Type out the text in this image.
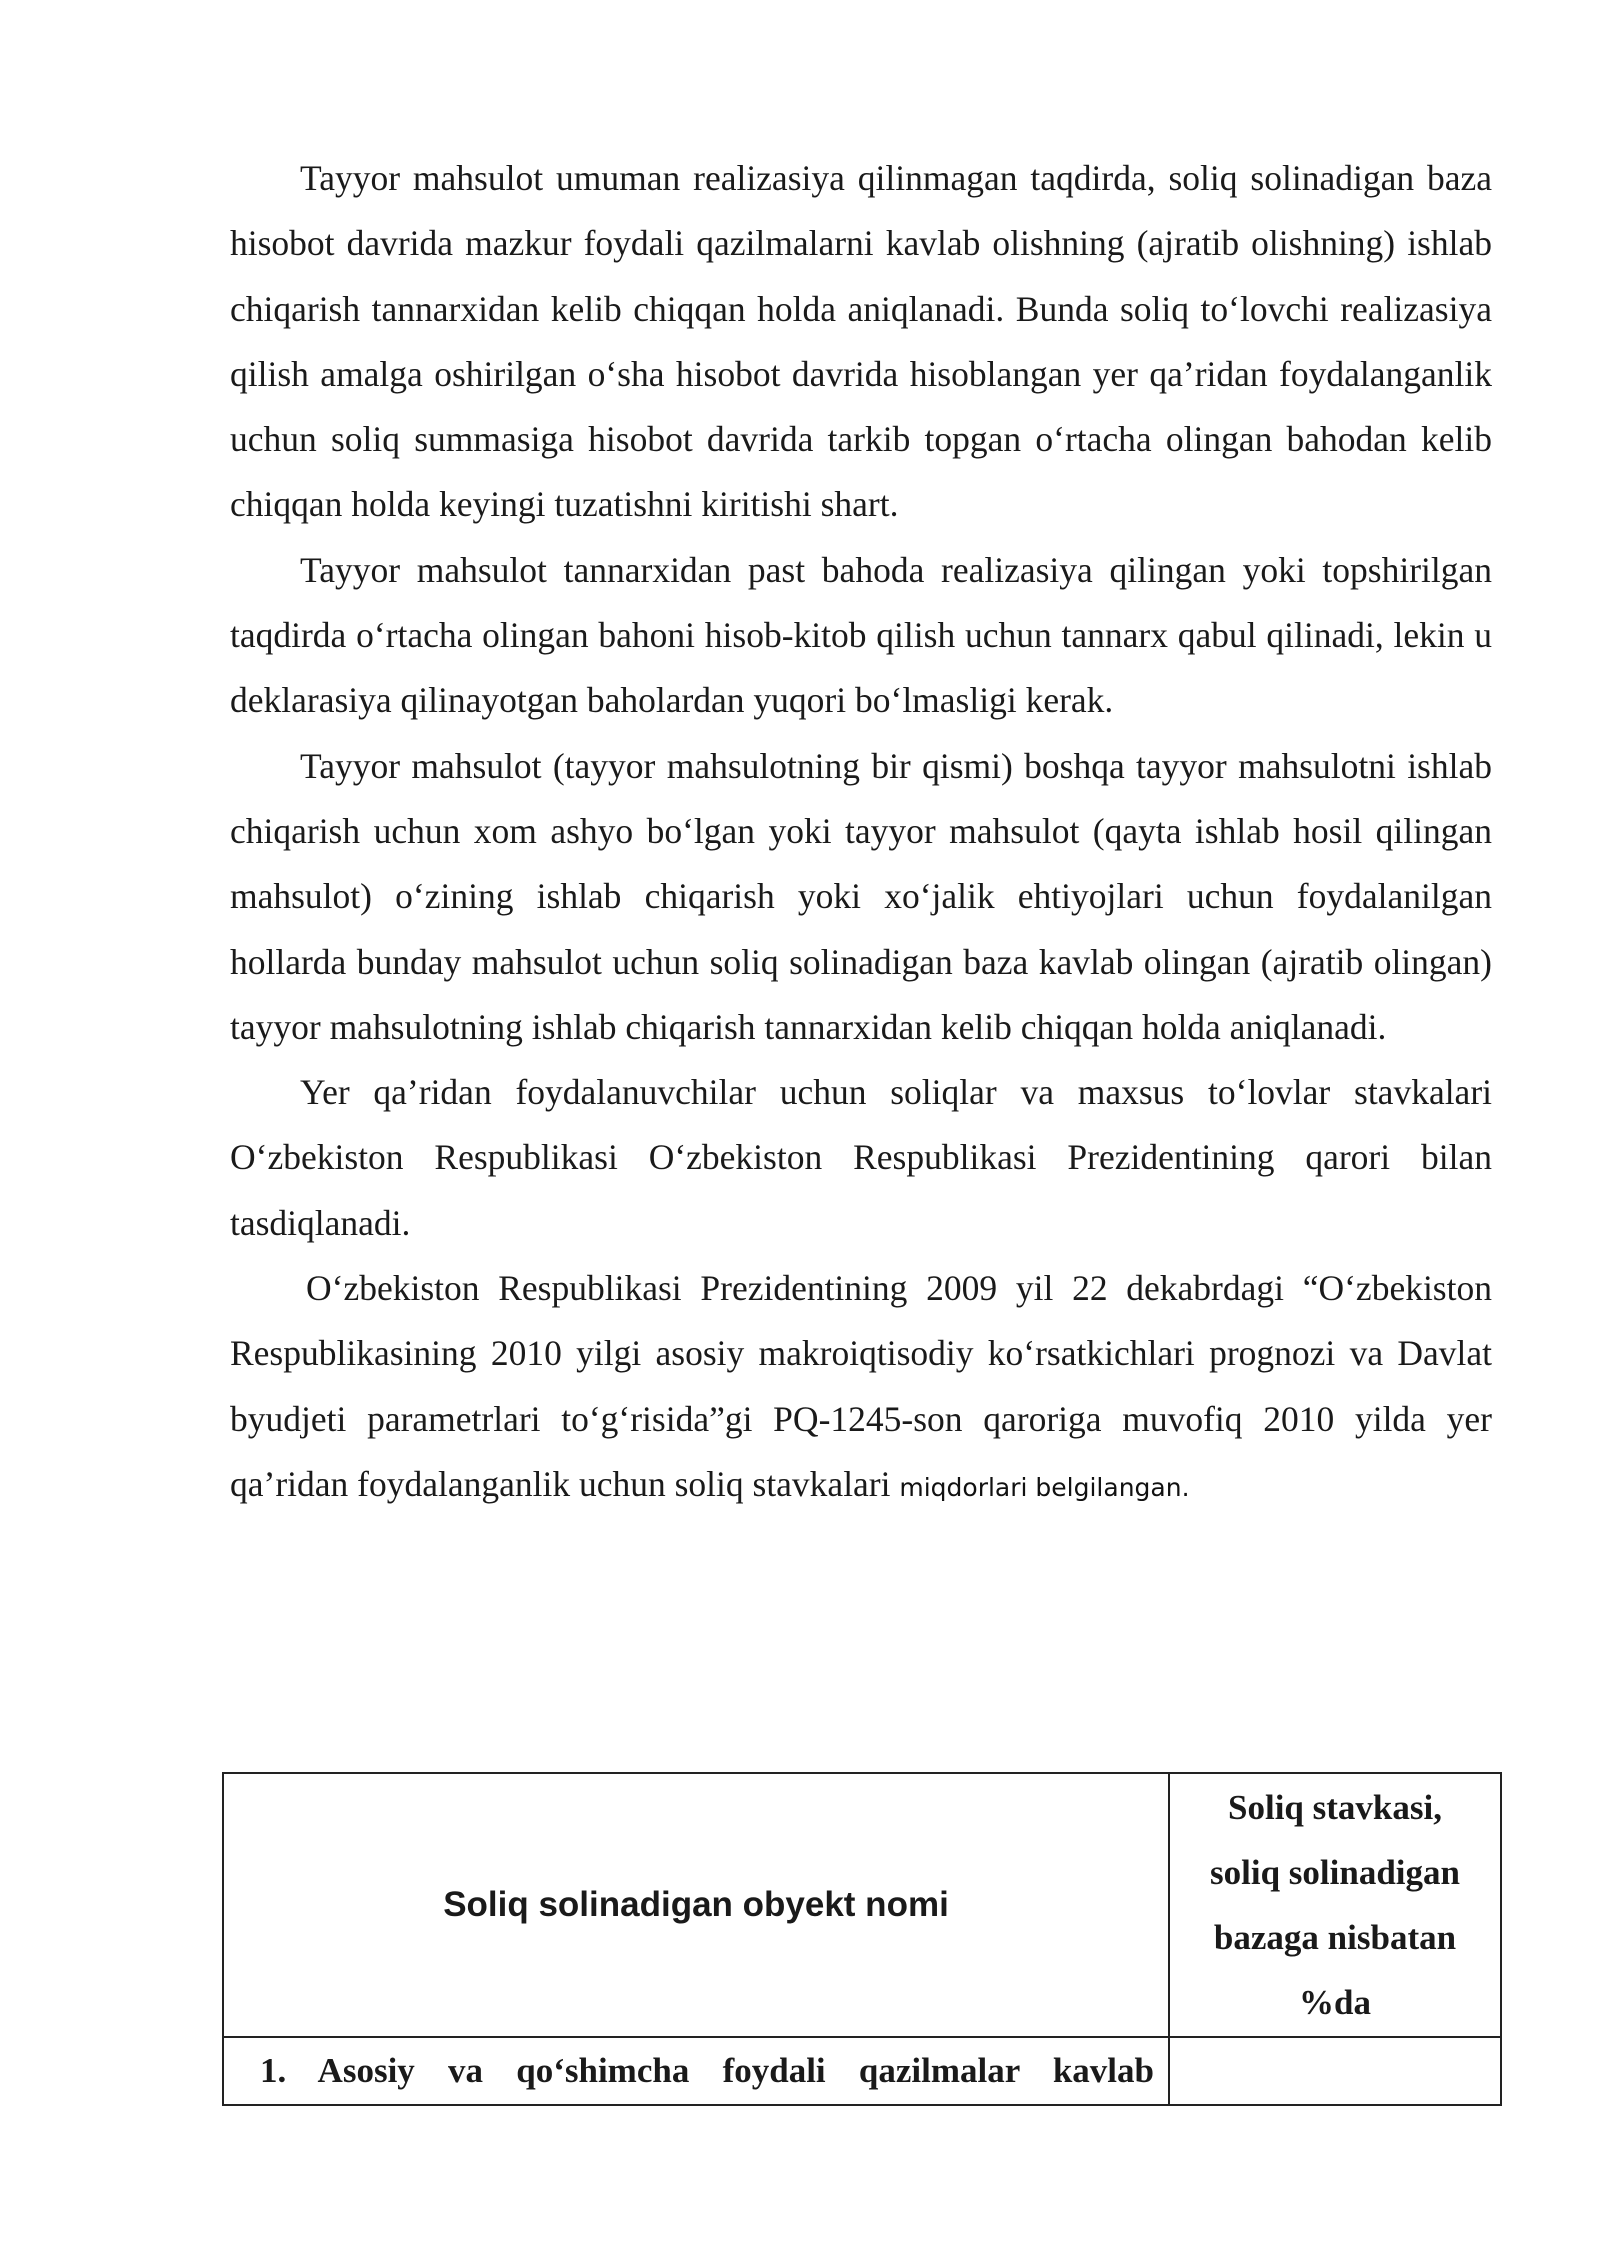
Tayyor mahsulot umuman realizasiya qilinmagan taqdirda, soliq solinadigan baza hisobot davrida mazkur foydali qazilmalarni kavlab olishning (ajratib olishning) ishlab chiqarish tannarxidan kelib chiqqan holda aniqlanadi. Bunda soliq to‘lovchi realizasiya qilish amalga oshirilgan o‘sha hisobot davrida hisoblangan yer qa’ridan foydalanganlik uchun soliq summasiga hisobot davrida tarkib topgan o‘rtacha olingan bahodan kelib chiqqan holda keyingi tuzatishni kiritishi shart.

Tayyor mahsulot tannarxidan past bahoda realizasiya qilingan yoki topshirilgan taqdirda o‘rtacha olingan bahoni hisob-kitob qilish uchun tannarx qabul qilinadi, lekin u deklarasiya qilinayotgan baholardan yuqori bo‘lmasligi kerak.

Tayyor mahsulot (tayyor mahsulotning bir qismi) boshqa tayyor mahsulotni ishlab chiqarish uchun xom ashyo bo‘lgan yoki tayyor mahsulot (qayta ishlab hosil qilingan mahsulot) o‘zining ishlab chiqarish yoki xo‘jalik ehtiyojlari uchun foydalanilgan hollarda bunday mahsulot uchun soliq solinadigan baza kavlab olingan (ajratib olingan) tayyor mahsulotning ishlab chiqarish tannarxidan kelib chiqqan holda aniqlanadi.

Yer qa’ridan foydalanuvchilar uchun soliqlar va maxsus to‘lovlar stavkalari O‘zbekiston Respublikasi O‘zbekiston Respublikasi Prezidentining qarori bilan tasdiqlanadi.

O‘zbekiston Respublikasi Prezidentining 2009 yil 22 dekabrdagi “O‘zbekiston Respublikasining 2010 yilgi asosiy makroiqtisodiy ko‘rsatkichlari prognozi va Davlat byudjeti parametrlari to‘g‘risida”gi PQ-1245-son qaroriga muvofiq 2010 yilda yer qa’ridan foydalanganlik uchun soliq stavkalari miqdorlari belgilangan.

Soliq solinadigan obyekt nomi	Soliq stavkasi,
soliq solinadigan
bazaga nisbatan
%da

1. Asosiy va qo‘shimcha foydali qazilmalar kavlab	
